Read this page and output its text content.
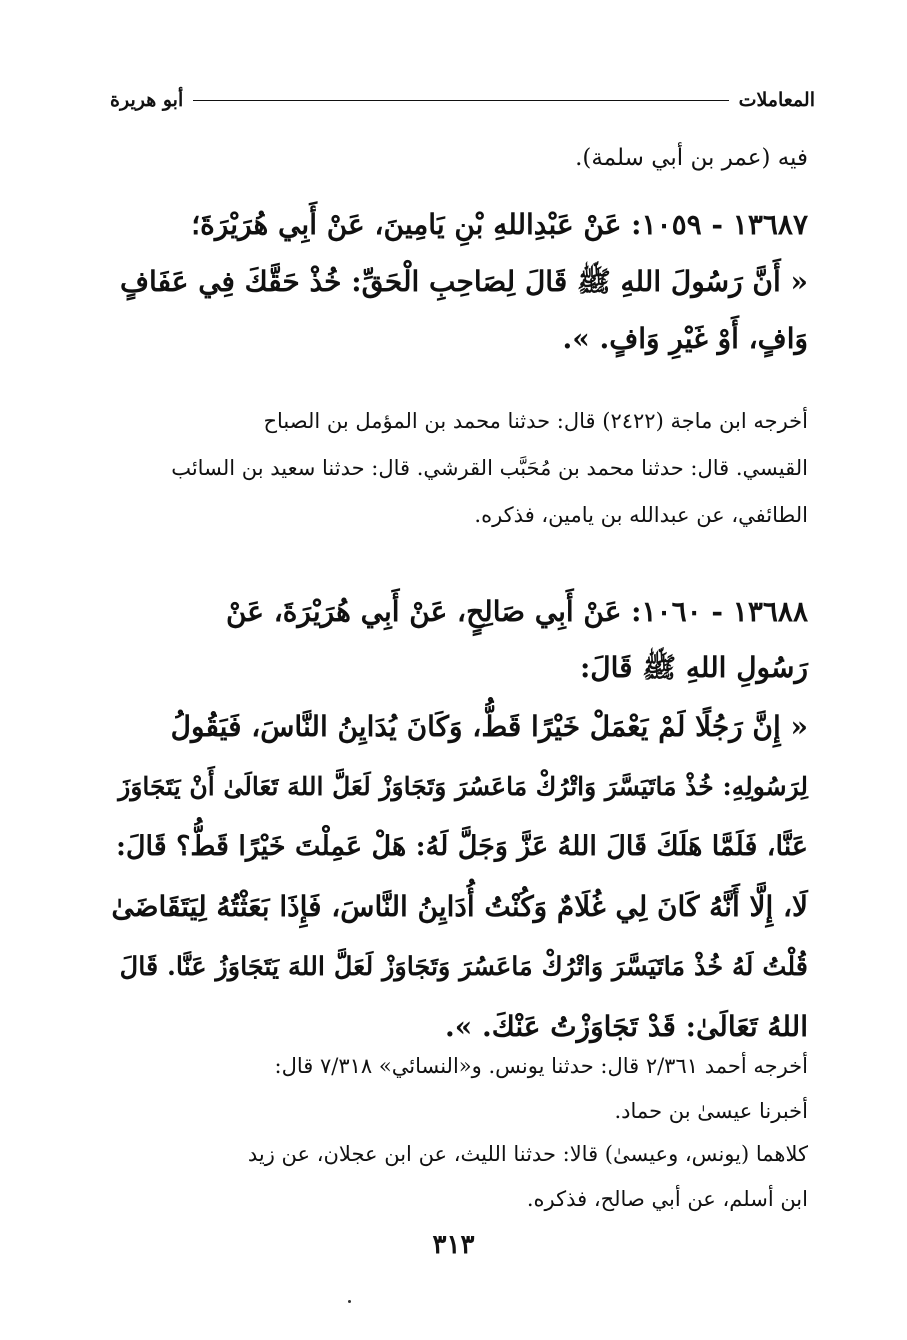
المعاملات
أبو هريرة
فيه (عمر بن أبي سلمة).
١٣٦٨٧ - ١٠٥٩: عَنْ عَبْدِاللهِ بْنِ يَامِينَ، عَنْ أَبِي هُرَيْرَةَ؛
« أَنَّ رَسُولَ اللهِ ﷺ قَالَ لِصَاحِبِ الْحَقِّ: خُذْ حَقَّكَ فِي عَفَافٍ
وَافٍ، أَوْ غَيْرِ وَافٍ. ».
أخرجه ابن ماجة (٢٤٢٢) قال: حدثنا محمد بن المؤمل بن الصباح
القيسي. قال: حدثنا محمد بن مُحَبَّب القرشي. قال: حدثنا سعيد بن السائب
الطائفي، عن عبدالله بن يامين، فذكره.
١٣٦٨٨ - ١٠٦٠: عَنْ أَبِي صَالِحٍ، عَنْ أَبِي هُرَيْرَةَ، عَنْ
رَسُولِ اللهِ ﷺ قَالَ:
« إِنَّ رَجُلًا لَمْ يَعْمَلْ خَيْرًا قَطُّ، وَكَانَ يُدَايِنُ النَّاسَ، فَيَقُولُ
لِرَسُولِهِ: خُذْ مَاتَيَسَّرَ وَاتْرُكْ مَاعَسُرَ وَتَجَاوَزْ لَعَلَّ اللهَ تَعَالَىٰ أَنْ يَتَجَاوَزَ
عَنَّا، فَلَمَّا هَلَكَ قَالَ اللهُ عَزَّ وَجَلَّ لَهُ: هَلْ عَمِلْتَ خَيْرًا قَطُّ؟ قَالَ:
لَا، إِلَّا أَنَّهُ كَانَ لِي غُلَامٌ وَكُنْتُ أُدَايِنُ النَّاسَ، فَإِذَا بَعَثْتُهُ لِيَتَقَاضَىٰ
قُلْتُ لَهُ خُذْ مَاتَيَسَّرَ وَاتْرُكْ مَاعَسُرَ وَتَجَاوَزْ لَعَلَّ اللهَ يَتَجَاوَزُ عَنَّا. قَالَ
اللهُ تَعَالَىٰ: قَدْ تَجَاوَزْتُ عَنْكَ. ».
أخرجه أحمد ٢/٣٦١ قال: حدثنا يونس. و«النسائي» ٧/٣١٨ قال:
أخبرنا عيسىٰ بن حماد.
كلاهما (يونس، وعيسىٰ) قالا: حدثنا الليث، عن ابن عجلان، عن زيد
ابن أسلم، عن أبي صالح، فذكره.
٣١٣
